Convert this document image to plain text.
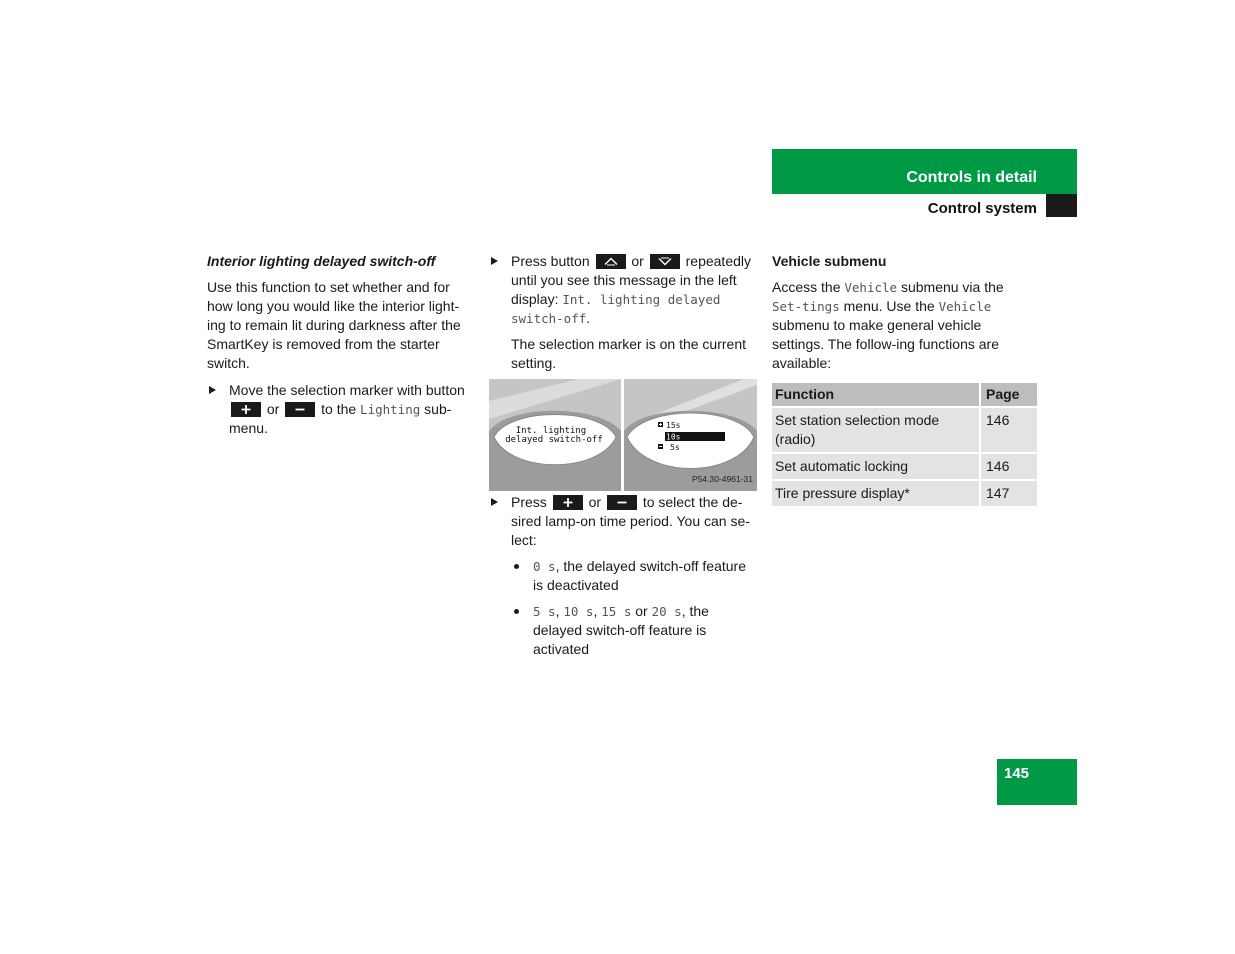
Controls in detail
Control system

Interior lighting delayed switch-off

Use this function to set whether and for how long you would like the interior light-ing to remain lit during darkness after the SmartKey is removed from the starter switch.

Move the selection marker with button
or	to the Lighting sub-menu.

Press button	or	repeatedly until you see this message in the left display: Int. lighting delayed switch-off.

The selection marker is on the current setting.

Int. lighting
delayed switch-off
15s
10s
5s
P54.30-4961-31

Press	or	to select the de-sired lamp-on time period. You can se-lect:

0 s, the delayed switch-off feature is deactivated

5 s, 10 s, 15 s or 20 s, the delayed switch-off feature is activated

Vehicle submenu

Access the Vehicle submenu via the Set-tings menu. Use the Vehicle submenu to make general vehicle settings. The follow-ing functions are available:

Function	Page
Set station selection mode (radio)	146
Set automatic locking	146
Tire pressure display*	147
145
